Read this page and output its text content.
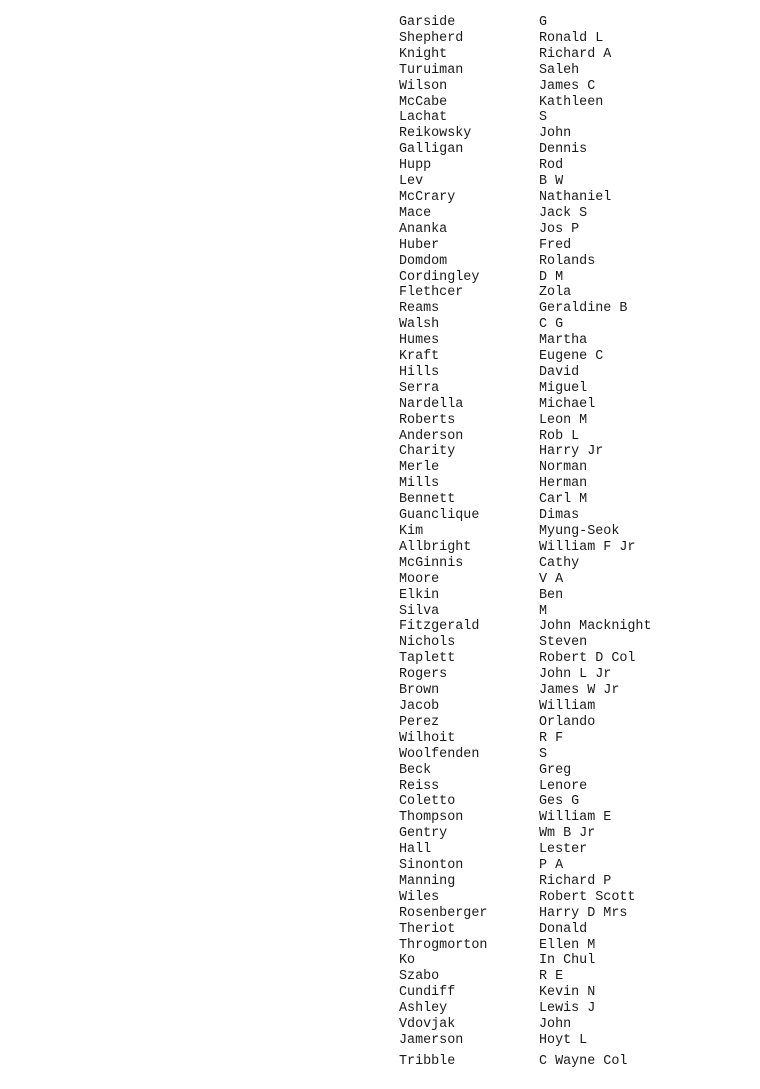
Garside	G
Shepherd	Ronald L
Knight	Richard A
Turuiman	Saleh
Wilson	James C
McCabe	Kathleen
Lachat	S
Reikowsky	John
Galligan	Dennis
Hupp	Rod
Lev	B W
McCrary	Nathaniel
Mace	Jack S
Ananka	Jos P
Huber	Fred
Domdom	Rolands
Cordingley	D M
Flethcer	Zola
Reams	Geraldine B
Walsh	C G
Humes	Martha
Kraft	Eugene C
Hills	David
Serra	Miguel
Nardella	Michael
Roberts	Leon M
Anderson	Rob L
Charity	Harry Jr
Merle	Norman
Mills	Herman
Bennett	Carl M
Guanclique	Dimas
Kim	Myung-Seok
Allbright	William F Jr
McGinnis	Cathy
Moore	V A
Elkin	Ben
Silva	M
Fitzgerald	John Macknight
Nichols	Steven
Taplett	Robert D Col
Rogers	John L Jr
Brown	James W Jr
Jacob	William
Perez	Orlando
Wilhoit	R F
Woolfenden	S
Beck	Greg
Reiss	Lenore
Coletto	Ges G
Thompson	William E
Gentry	Wm B Jr
Hall	Lester
Sinonton	P A
Manning	Richard P
Wiles	Robert Scott
Rosenberger	Harry D Mrs
Theriot	Donald
Throgmorton	Ellen M
Ko	In Chul
Szabo	R E
Cundiff	Kevin N
Ashley	Lewis J
Vdovjak	John
Jamerson	Hoyt L
Tribble	C Wayne Col
